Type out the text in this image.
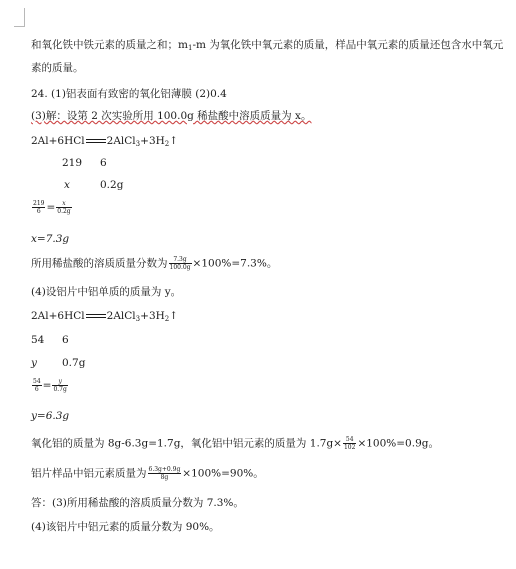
和氧化铁中铁元素的质量之和；$m_1-m$ 为氧化铁中氧元素的质量，样品中氧元素的质量还包含水中氧元
素的质量。
24. (1)铝表面有致密的氧化铝薄膜 (2)0.4
(3)解：设第 2 次实验所用 100.0g 稀盐酸中溶质质量为 x。
2Al+6HCl $2AlCl_3+3H_2↑$
219 6
x	0.2g
$\frac{219}{6} = \frac{x}{0.2g}$
x=7.3g
所用稀盐酸的溶质质量分数为 $\frac{7.3g}{100.0g} \times 100\%=7.3\%$。
(4)设铝片中铝单质的质量为 y。
2Al+6HCl $2AlCl_3+3H_2↑$
54 6
y 0.7g
$\frac{54}{6} = \frac{y}{0.7g}$
y=6.3g
氧化铝的质量为 8g-6.3g=1.7g，氧化铝中铝元素的质量为 $1.7g\times \frac{54}{102} \times 100\%=0.9g$。
铝片样品中铝元素质量为 $\frac{6.3g+0.9g}{8g} \times 100\%=90\%$。
答：(3)所用稀盐酸的溶质质量分数为 7.3%。
(4)该铝片中铝元素的质量分数为 90%。
